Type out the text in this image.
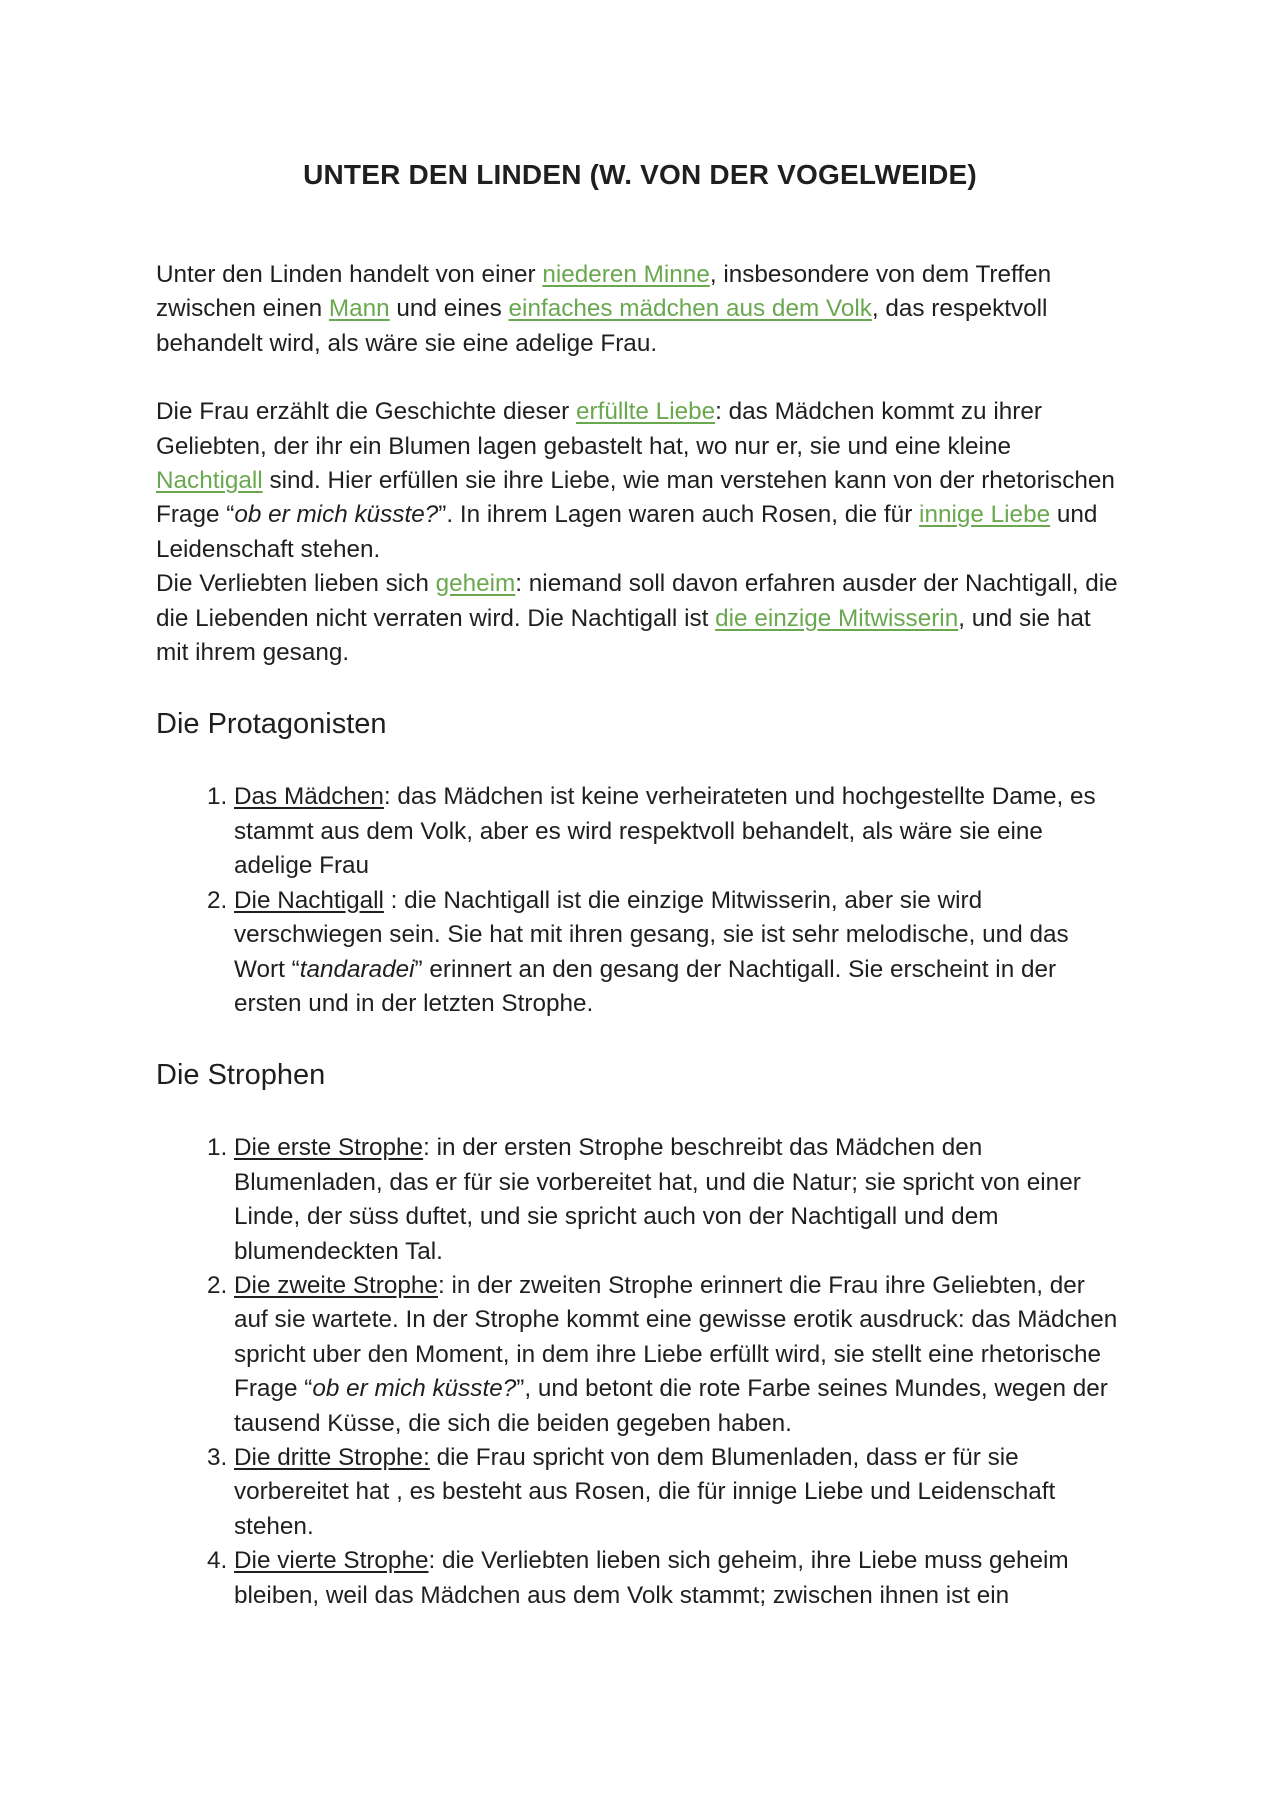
UNTER DEN LINDEN (W. VON DER VOGELWEIDE)

Unter den Linden handelt von einer niederen Minne, insbesondere von dem Treffen zwischen einen Mann und eines einfaches mädchen aus dem Volk, das respektvoll behandelt wird, als wäre sie eine adelige Frau.

Die Frau erzählt die Geschichte dieser erfüllte Liebe: das Mädchen kommt zu ihrer Geliebten, der ihr ein Blumen lagen gebastelt hat, wo nur er, sie und eine kleine Nachtigall sind. Hier erfüllen sie ihre Liebe, wie man verstehen kann von der rhetorischen Frage “ob er mich küsste?”. In ihrem Lagen waren auch Rosen, die für innige Liebe und Leidenschaft stehen.

Die Verliebten lieben sich geheim: niemand soll davon erfahren ausder der Nachtigall, die die Liebenden nicht verraten wird. Die Nachtigall ist die einzige Mitwisserin, und sie hat mit ihrem gesang.

Die Protagonisten
1. Das Mädchen: das Mädchen ist keine verheirateten und hochgestellte Dame, es stammt aus dem Volk, aber es wird respektvoll behandelt, als wäre sie eine adelige Frau
2. Die Nachtigall : die Nachtigall ist die einzige Mitwisserin, aber sie wird verschwiegen sein. Sie hat mit ihren gesang, sie ist sehr melodische, und das Wort “tandaradei” erinnert an den gesang der Nachtigall. Sie erscheint in der ersten und in der letzten Strophe.
Die Strophen
1. Die erste Strophe: in der ersten Strophe beschreibt das Mädchen den Blumenladen, das er für sie vorbereitet hat, und die Natur; sie spricht von einer Linde, der süss duftet, und sie spricht auch von der Nachtigall und dem blumendeckten Tal.
2. Die zweite Strophe: in der zweiten Strophe erinnert die Frau ihre Geliebten, der auf sie wartete. In der Strophe kommt eine gewisse erotik ausdruck: das Mädchen spricht uber den Moment, in dem ihre Liebe erfüllt wird, sie stellt eine rhetorische Frage “ob er mich küsste?”, und betont die rote Farbe seines Mundes, wegen der tausend Küsse, die sich die beiden gegeben haben.
3. Die dritte Strophe: die Frau spricht von dem Blumenladen, dass er für sie vorbereitet hat , es besteht aus Rosen, die für innige Liebe und Leidenschaft stehen.
4. Die vierte Strophe: die Verliebten lieben sich geheim, ihre Liebe muss geheim bleiben, weil das Mädchen aus dem Volk stammt; zwischen ihnen ist ein
